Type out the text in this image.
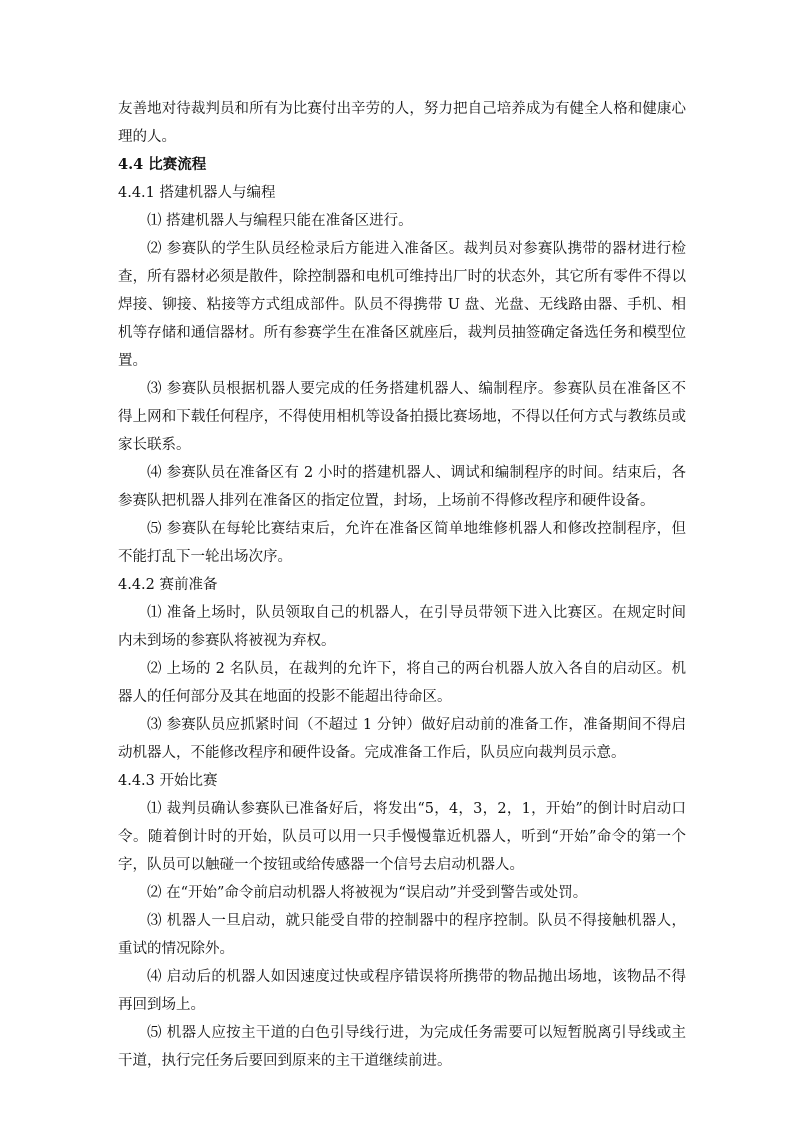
友善地对待裁判员和所有为比赛付出辛劳的人，努力把自己培养成为有健全人格和健康心理的人。

4.4 比赛流程

4.4.1 搭建机器人与编程

⑴ 搭建机器人与编程只能在准备区进行。

⑵ 参赛队的学生队员经检录后方能进入准备区。裁判员对参赛队携带的器材进行检查，所有器材必须是散件，除控制器和电机可维持出厂时的状态外，其它所有零件不得以焊接、铆接、粘接等方式组成部件。队员不得携带 U 盘、光盘、无线路由器、手机、相机等存储和通信器材。所有参赛学生在准备区就座后，裁判员抽签确定备选任务和模型位置。

⑶ 参赛队员根据机器人要完成的任务搭建机器人、编制程序。参赛队员在准备区不得上网和下载任何程序，不得使用相机等设备拍摄比赛场地，不得以任何方式与教练员或家长联系。

⑷ 参赛队员在准备区有 2 小时的搭建机器人、调试和编制程序的时间。结束后，各参赛队把机器人排列在准备区的指定位置，封场，上场前不得修改程序和硬件设备。

⑸ 参赛队在每轮比赛结束后，允许在准备区简单地维修机器人和修改控制程序，但不能打乱下一轮出场次序。

4.4.2 赛前准备

⑴ 准备上场时，队员领取自己的机器人，在引导员带领下进入比赛区。在规定时间内未到场的参赛队将被视为弃权。

⑵ 上场的 2 名队员，在裁判的允许下，将自己的两台机器人放入各自的启动区。机器人的任何部分及其在地面的投影不能超出待命区。

⑶ 参赛队员应抓紧时间（不超过 1 分钟）做好启动前的准备工作，准备期间不得启动机器人，不能修改程序和硬件设备。完成准备工作后，队员应向裁判员示意。

4.4.3 开始比赛

⑴ 裁判员确认参赛队已准备好后，将发出“5，4，3，2，1，开始”的倒计时启动口令。随着倒计时的开始，队员可以用一只手慢慢靠近机器人，听到“开始”命令的第一个字，队员可以触碰一个按钮或给传感器一个信号去启动机器人。

⑵ 在“开始”命令前启动机器人将被视为“误启动”并受到警告或处罚。

⑶ 机器人一旦启动，就只能受自带的控制器中的程序控制。队员不得接触机器人，重试的情况除外。

⑷ 启动后的机器人如因速度过快或程序错误将所携带的物品抛出场地，该物品不得再回到场上。

⑸ 机器人应按主干道的白色引导线行进，为完成任务需要可以短暂脱离引导线或主干道，执行完任务后要回到原来的主干道继续前进。
